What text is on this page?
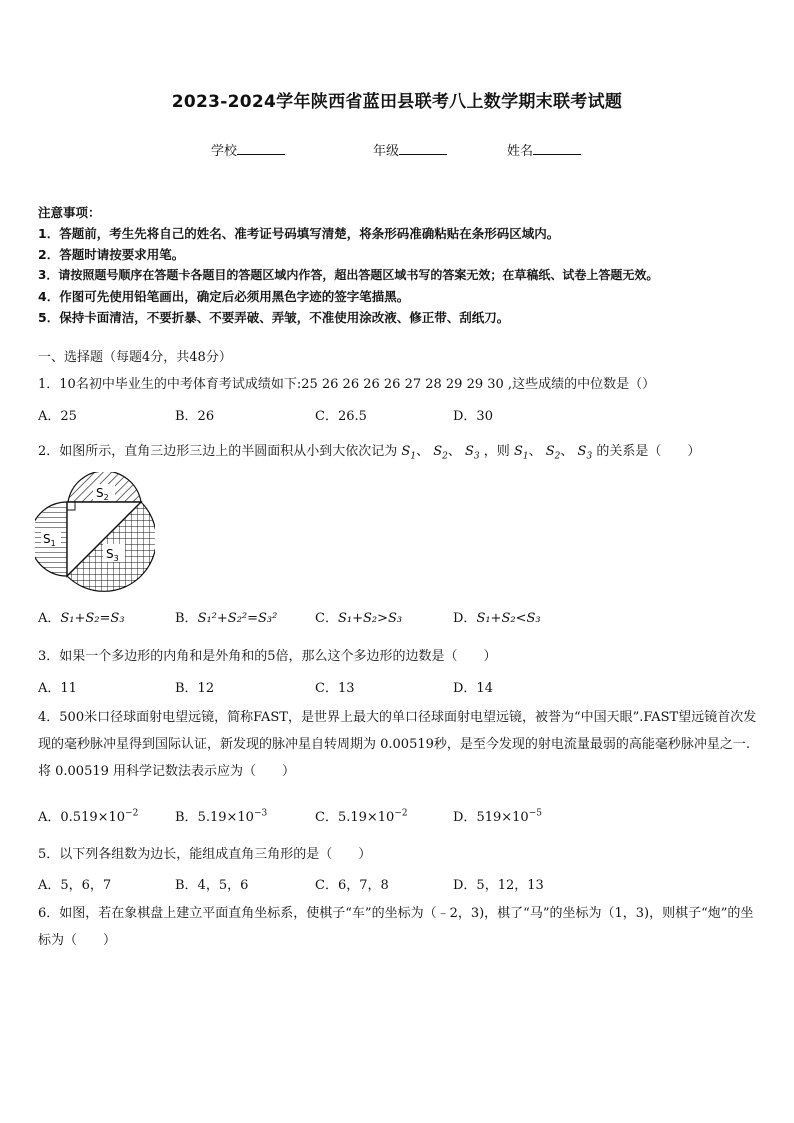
2023-2024学年陕西省蓝田县联考八上数学期末联考试题
学校	年级	姓名
注意事项：
1．答题前，考生先将自己的姓名、准考证号码填写清楚，将条形码准确粘贴在条形码区域内。
2．答题时请按要求用笔。
3．请按照题号顺序在答题卡各题目的答题区域内作答，超出答题区域书写的答案无效；在草稿纸、试卷上答题无效。
4．作图可先使用铅笔画出，确定后必须用黑色字迹的签字笔描黑。
5．保持卡面清洁，不要折暴、不要弄破、弄皱，不准使用涂改液、修正带、刮纸刀。
一、选择题（每题4分，共48分）
1．10名初中毕业生的中考体育考试成绩如下:25 26 26 26 26 27 28 29 29 30 ,这些成绩的中位数是（）
A．25	B．26	C．26.5	D．30
2．如图所示，直角三边形三边上的半圆面积从小到大依次记为 $S_1$、 $S_2$、 $S_3$ ，则 $S_1$、 $S_2$、 $S_3$ 的关系是（　　）
$S_2$
$S_1$
$S_3$
A．S₁+S₂=S₃	B．S₁²+S₂²=S₃²	C．S₁+S₂>S₃	D．S₁+S₂<S₃
3．如果一个多边形的内角和是外角和的5倍，那么这个多边形的边数是（　　）
A．11	B．12	C．13	D．14
4．500米口径球面射电望远镜，简称FAST，是世界上最大的单口径球面射电望远镜，被誉为“中国天眼”.FAST望远镜首次发现的毫秒脉冲星得到国际认证，新发现的脉冲星自转周期为 0.00519秒，是至今发现的射电流量最弱的高能毫秒脉冲星之一.将 0.00519 用科学记数法表示应为（　　）
A．$0.519\times 10^{-2}$	B．$5.19\times 10^{-3}$	C．$5.19\times 10^{-2}$	D．$519\times 10^{-5}$
5．以下列各组数为边长，能组成直角三角形的是（　　）
A．5，6，7	B．4，5，6	C．6，7，8	D．5，12，13
6．如图，若在象棋盘上建立平面直角坐标系，使棋子“车”的坐标为（﹣2，3)，棋了“马”的坐标为（1，3)，则棋子“炮”的坐标为（　　）
